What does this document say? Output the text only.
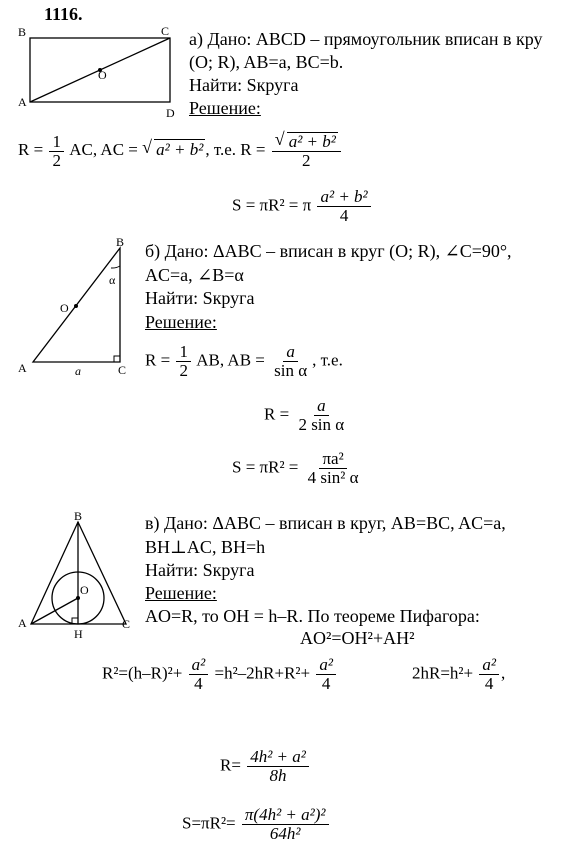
1116.
B	C
A
D
O
а) Дано: ABCD – прямоугольник вписан в кру
(O; R), AB=a, BC=b.
Найти: Sкруга
Решение:
$R = \frac{1}{2}$ AC, AC = √ a² + b² , т.е. R = √ $\frac{\text{a² + b²}}{2}$
S = πR² = π $\frac{\text{a² + b²}}{4}$
B
A	C
O
a
α
б) Дано: ΔABC – вписан в круг (O; R), ∠C=90°,
AC=a, ∠B=α
Найти: Sкруга
Решение:
$R = \frac{1}{2}$ AB, AB = $\frac{a}{\text{sin α}}$ , т.е.
$R = \frac{a}{\text{2 sin α}}$
$S = \pi R^2 = \frac{\text{πa²}}{\text{4 sin² α}}$
B
A	C
H
O
в) Дано: ΔABC – вписан в круг, AB=BC, AC=a,
BH⊥AC, BH=h
Найти: Sкруга
Решение:
AO=R, то OH = h–R. По теореме Пифагора:
AO²=OH²+AH²
$R^2=(h-R)^2+ \frac{\text{a²}}{4} =h^2-2hR+R^2+ \frac{\text{a²}}{4}$	$2hR=h^2+ \frac{\text{a²}}{4}$ ,
$R= \frac{\text{4h² + a²}}{8h}$
$S=\pi R^2= \frac{\text{π(4h² + a²)²}}{\text{64h²}}$
